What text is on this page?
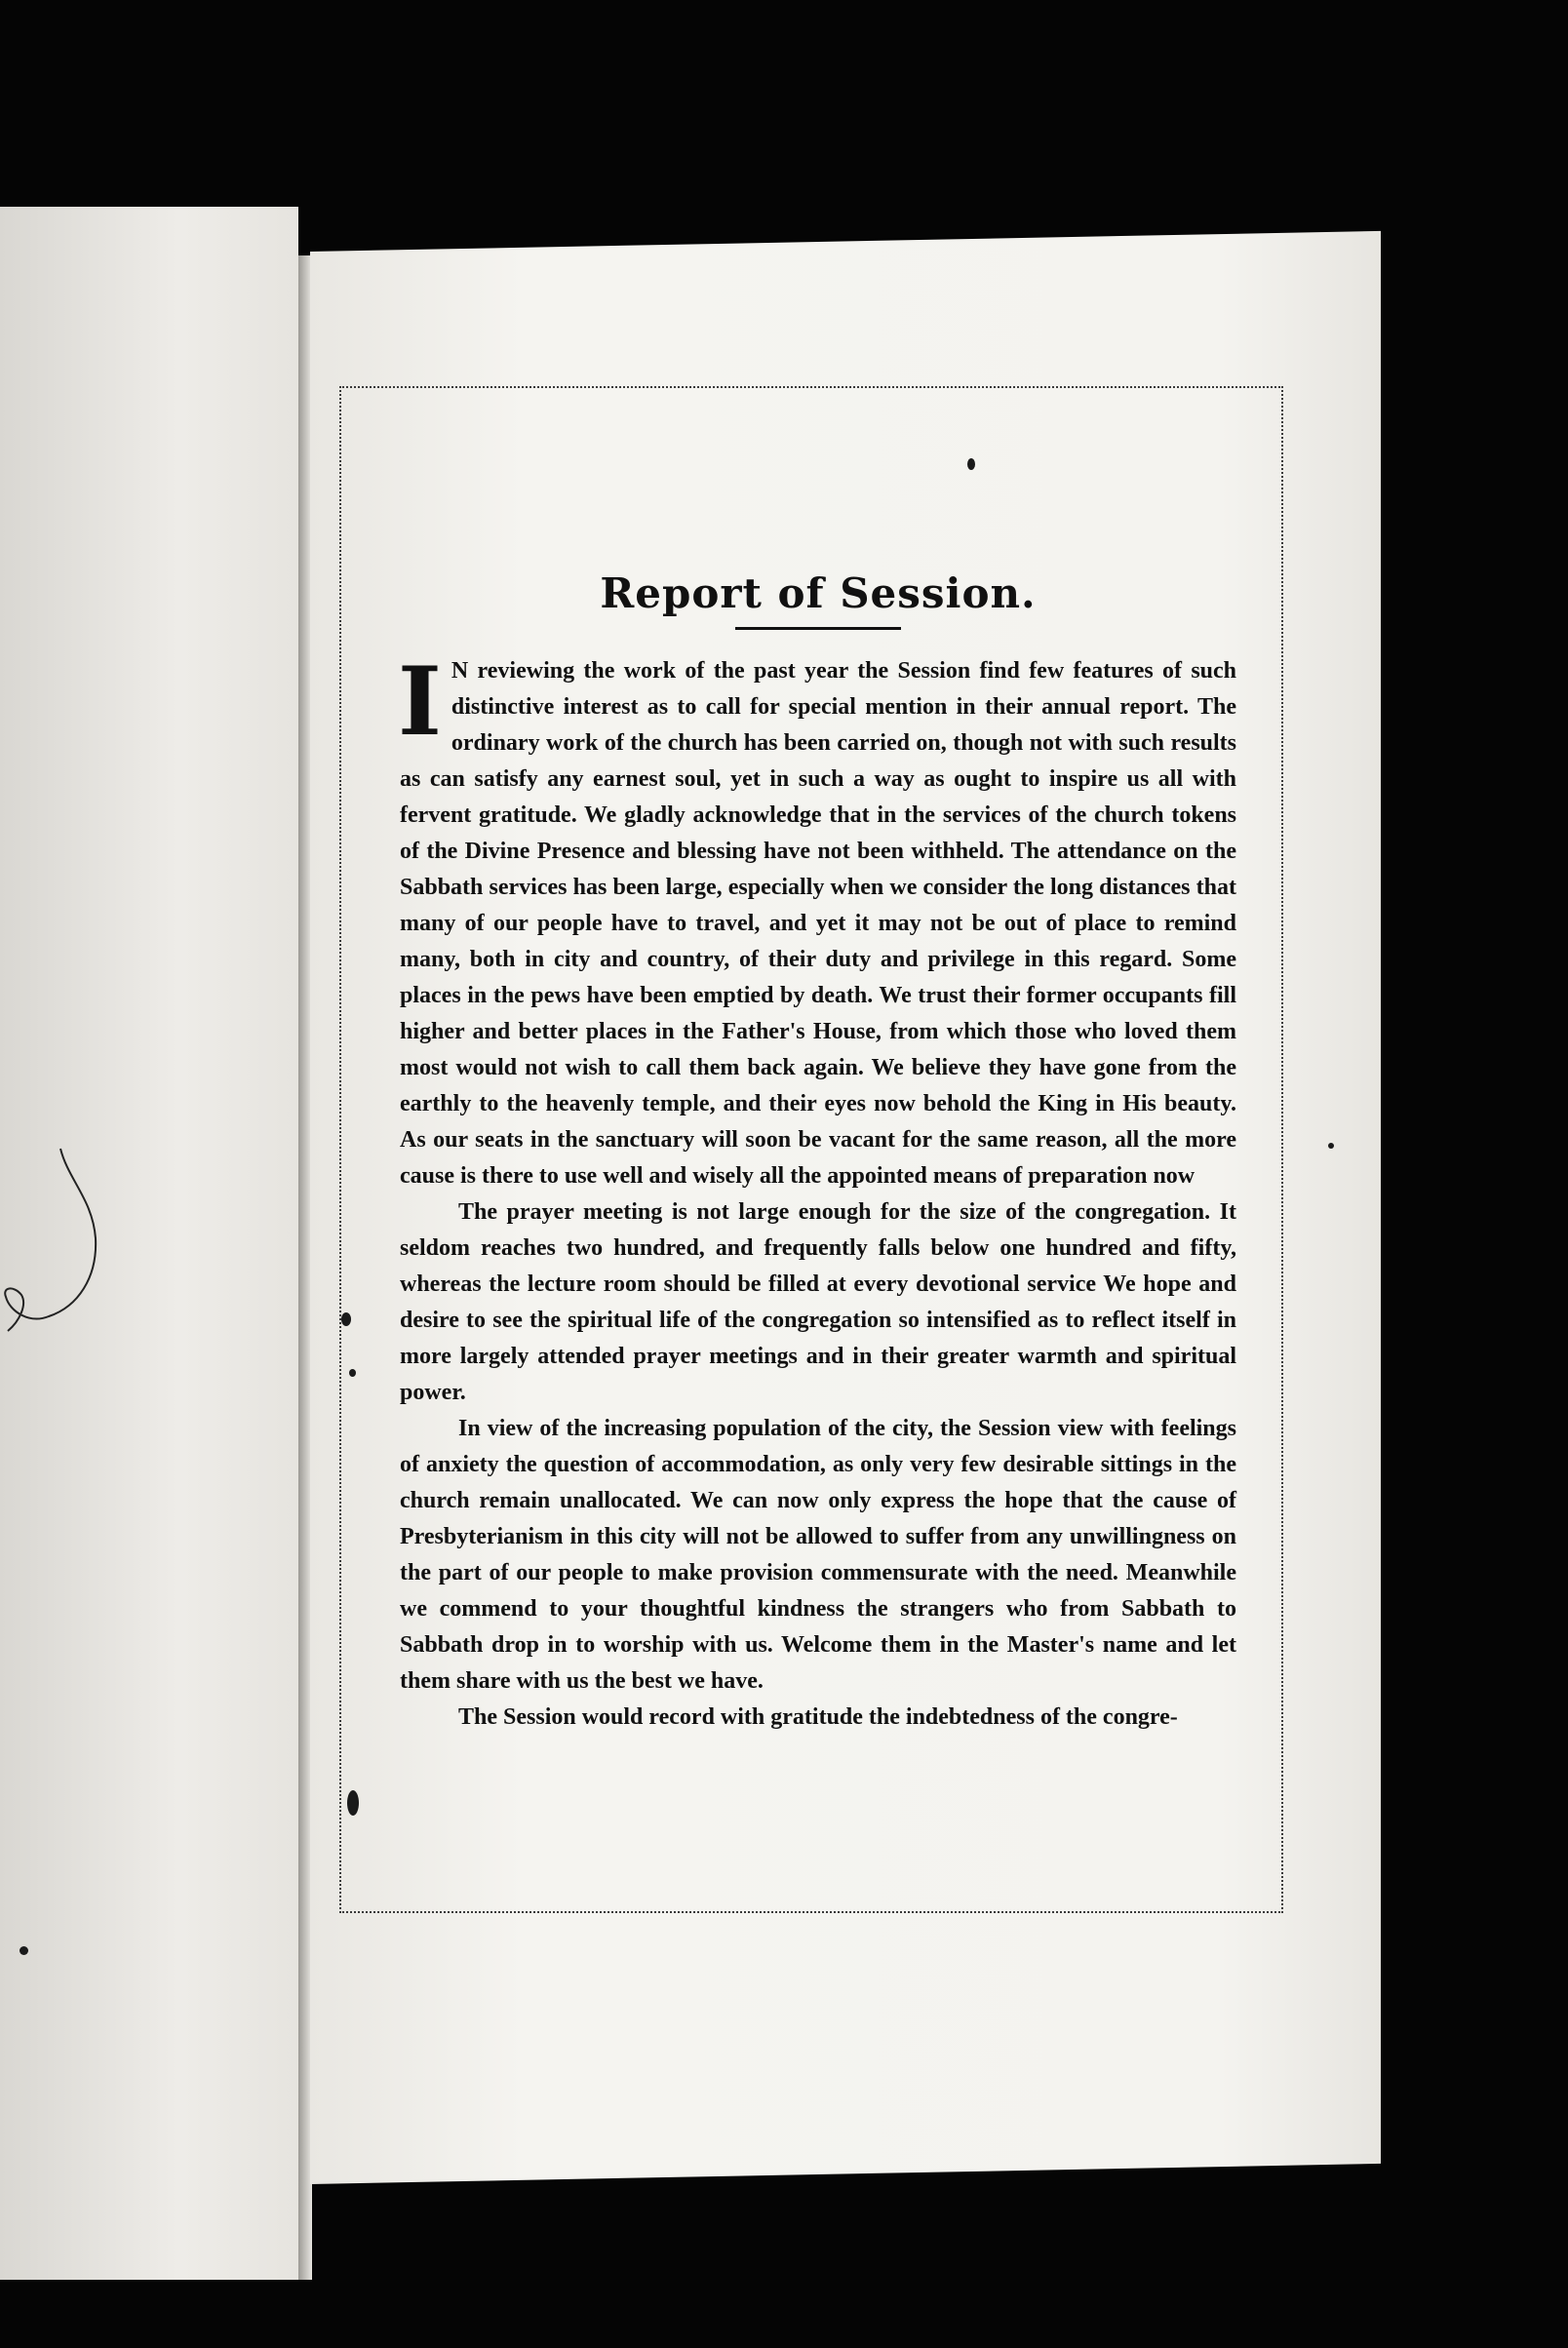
Report of Session.

I N reviewing the work of the past year the Session find few features of such distinctive interest as to call for special mention in their annual report. The ordinary work of the church has been carried on, though not with such results as can satisfy any earnest soul, yet in such a way as ought to inspire us all with fervent gratitude. We gladly acknowledge that in the services of the church tokens of the Divine Presence and blessing have not been withheld. The attendance on the Sabbath services has been large, especially when we consider the long distances that many of our people have to travel, and yet it may not be out of place to remind many, both in city and country, of their duty and privilege in this regard. Some places in the pews have been emptied by death. We trust their former occupants fill higher and better places in the Father's House, from which those who loved them most would not wish to call them back again. We believe they have gone from the earthly to the heavenly temple, and their eyes now behold the King in His beauty. As our seats in the sanctuary will soon be vacant for the same reason, all the more cause is there to use well and wisely all the appointed means of preparation now

The prayer meeting is not large enough for the size of the congregation. It seldom reaches two hundred, and frequently falls below one hundred and fifty, whereas the lecture room should be filled at every devotional service We hope and desire to see the spiritual life of the congregation so intensified as to reflect itself in more largely attended prayer meetings and in their greater warmth and spiritual power.

In view of the increasing population of the city, the Session view with feelings of anxiety the question of accommodation, as only very few desirable sittings in the church remain unallocated. We can now only express the hope that the cause of Presbyterianism in this city will not be allowed to suffer from any unwillingness on the part of our people to make provision commensurate with the need. Meanwhile we commend to your thoughtful kindness the strangers who from Sabbath to Sabbath drop in to worship with us. Welcome them in the Master's name and let them share with us the best we have.

The Session would record with gratitude the indebtedness of the congre-
